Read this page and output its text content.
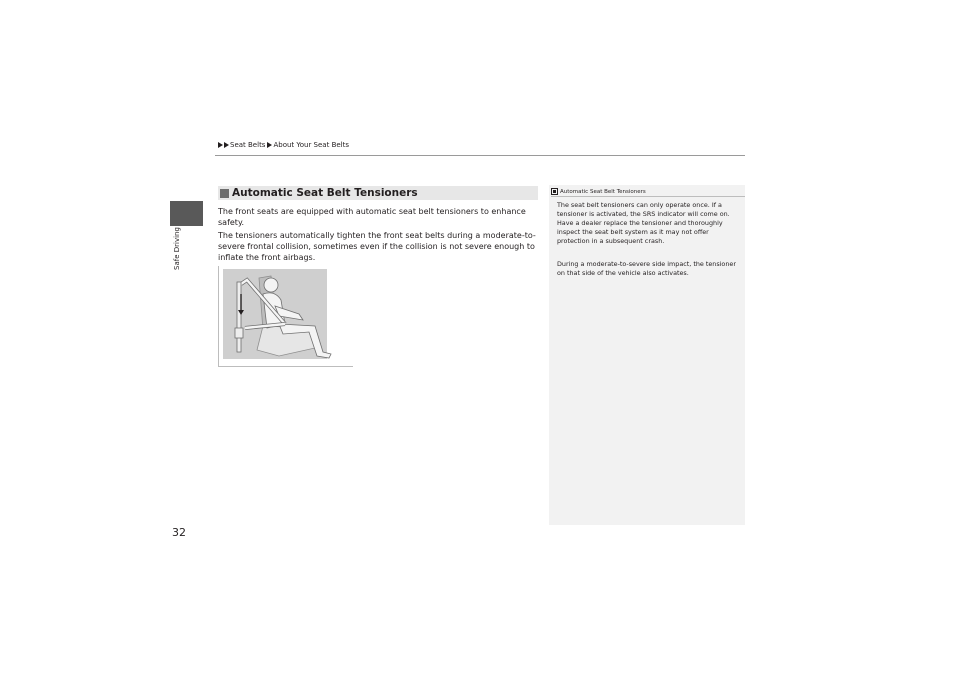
Seat Belts About Your Seat Belts
Safe Driving
32
Automatic Seat Belt Tensioners

The front seats are equipped with automatic seat belt tensioners to enhance safety.

The tensioners automatically tighten the front seat belts during a moderate-to-severe frontal collision, sometimes even if the collision is not severe enough to inflate the front airbags.

Automatic Seat Belt Tensioners

The seat belt tensioners can only operate once. If a tensioner is activated, the SRS indicator will come on. Have a dealer replace the tensioner and thoroughly inspect the seat belt system as it may not offer protection in a subsequent crash.

During a moderate-to-severe side impact, the tensioner on that side of the vehicle also activates.
